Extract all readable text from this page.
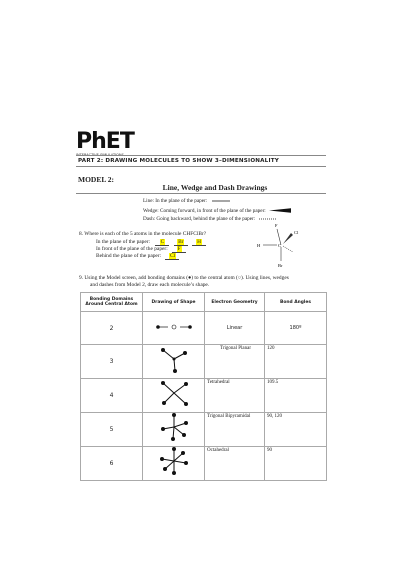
PhET
INTERACTIVE SIMULATIONS
PART 2: DRAWING MOLECULES TO SHOW 3–DIMENSIONALITY
MODEL 2:
Line, Wedge and Dash Drawings
Line: In the plane of the paper:
Wedge: Coming forward, in front of the plane of the paper:
Dash: Going backward, behind the plane of the paper:
8. Where is each of the 5 atoms in the molecule CHFClBr?
In the plane of the paper: C	Br	H
In front of the plane of the paper: F
Behind the plane of the paper: Cl
F
H	C
Cl
Br
9. Using the Model screen, add bonding domains (●) to the central atom (○). Using lines, wedges
and dashes from Model 2, draw each molecule’s shape.
Bonding Domains Around Central Atom	Drawing of Shape	Electron Geometry	Bond Angles
2		Linear	180º
3		Trigonal Planar	120

4		Tetrahedral	109.5

5		Trigonal Bipyramidal	90, 120

6		Octahedral	90
